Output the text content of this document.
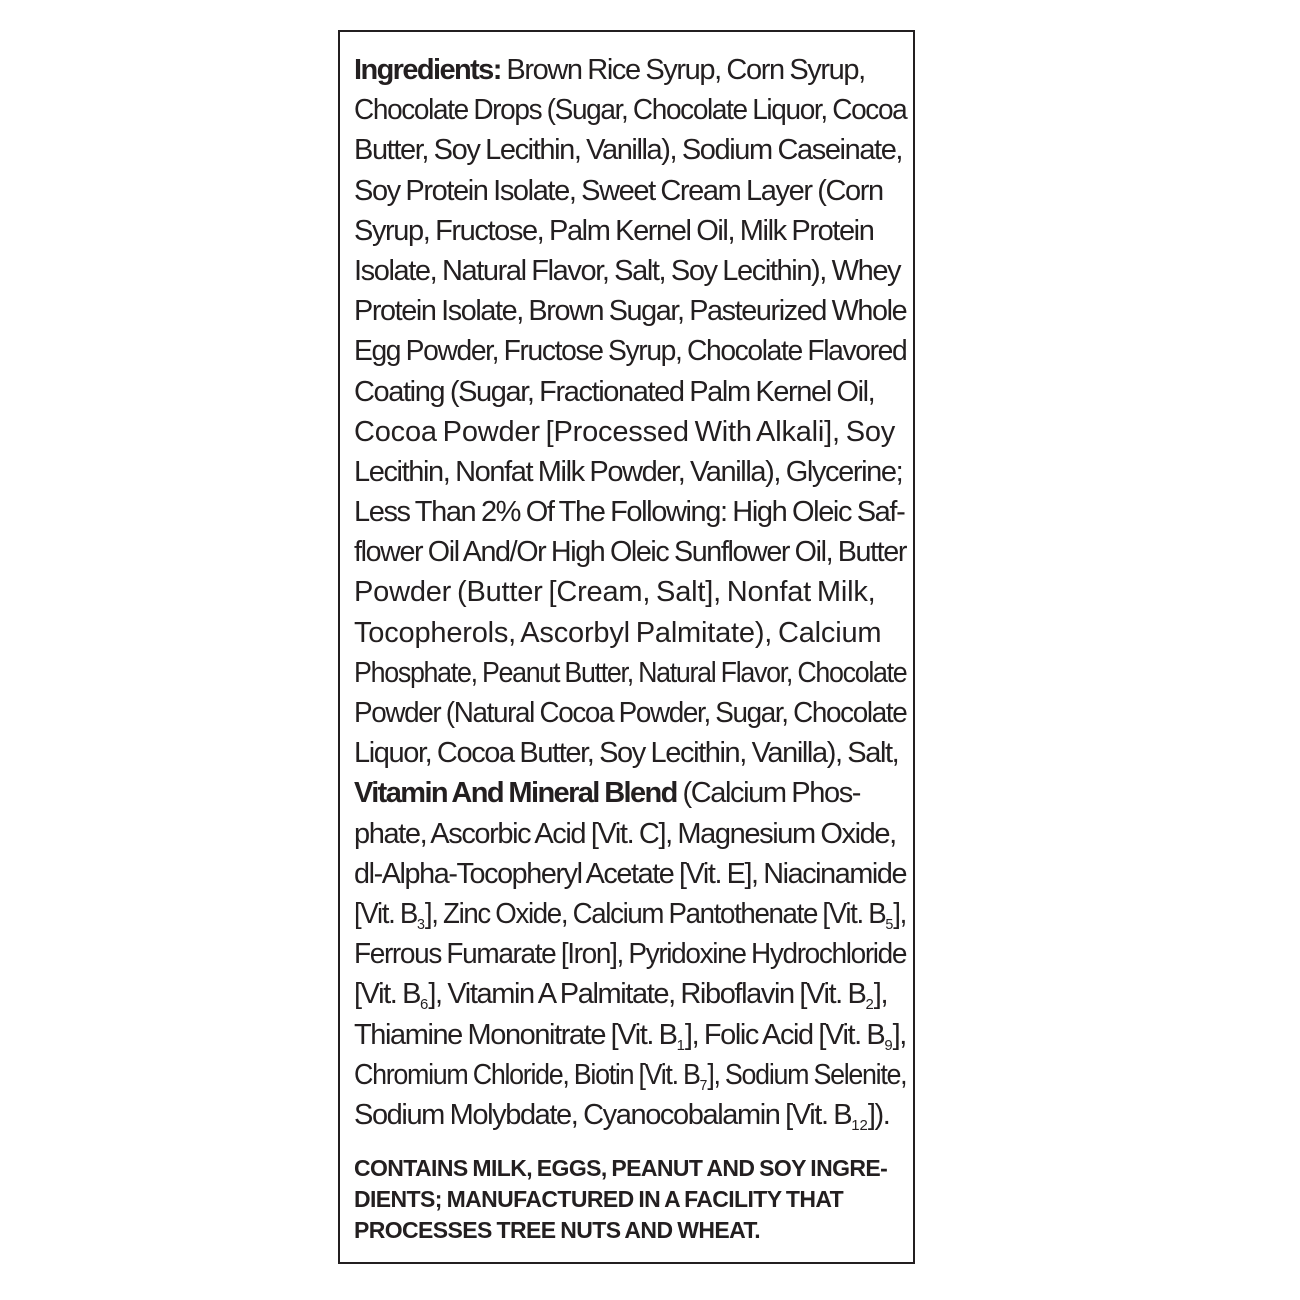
Ingredients: Brown Rice Syrup, Corn Syrup,
Chocolate Drops (Sugar, Chocolate Liquor, Cocoa
Butter, Soy Lecithin, Vanilla), Sodium Caseinate,
Soy Protein Isolate, Sweet Cream Layer (Corn
Syrup, Fructose, Palm Kernel Oil, Milk Protein
Isolate, Natural Flavor, Salt, Soy Lecithin), Whey
Protein Isolate, Brown Sugar, Pasteurized Whole
Egg Powder, Fructose Syrup, Chocolate Flavored
Coating (Sugar, Fractionated Palm Kernel Oil,
Cocoa Powder [Processed With Alkali], Soy
Lecithin, Nonfat Milk Powder, Vanilla), Glycerine;
Less Than 2% Of The Following: High Oleic Saf-
flower Oil And/Or High Oleic Sunflower Oil, Butter
Powder (Butter [Cream, Salt], Nonfat Milk,
Tocopherols, Ascorbyl Palmitate), Calcium
Phosphate, Peanut Butter, Natural Flavor, Chocolate
Powder (Natural Cocoa Powder, Sugar, Chocolate
Liquor, Cocoa Butter, Soy Lecithin, Vanilla), Salt,
Vitamin And Mineral Blend (Calcium Phos-
phate, Ascorbic Acid [Vit. C], Magnesium Oxide,
dl-Alpha-Tocopheryl Acetate [Vit. E], Niacinamide
[Vit. $B_3$], Zinc Oxide, Calcium Pantothenate [Vit. $B_5$],
Ferrous Fumarate [Iron], Pyridoxine Hydrochloride
[Vit. $B_6$], Vitamin A Palmitate, Riboflavin [Vit. $B_2$],
Thiamine Mononitrate [Vit. $B_1$], Folic Acid [Vit. $B_9$],
Chromium Chloride, Biotin [Vit. $B_7$], Sodium Selenite,
Sodium Molybdate, Cyanocobalamin [Vit. $B_{12}$]).
CONTAINS MILK, EGGS, PEANUT AND SOY INGRE-
DIENTS; MANUFACTURED IN A FACILITY THAT
PROCESSES TREE NUTS AND WHEAT.
